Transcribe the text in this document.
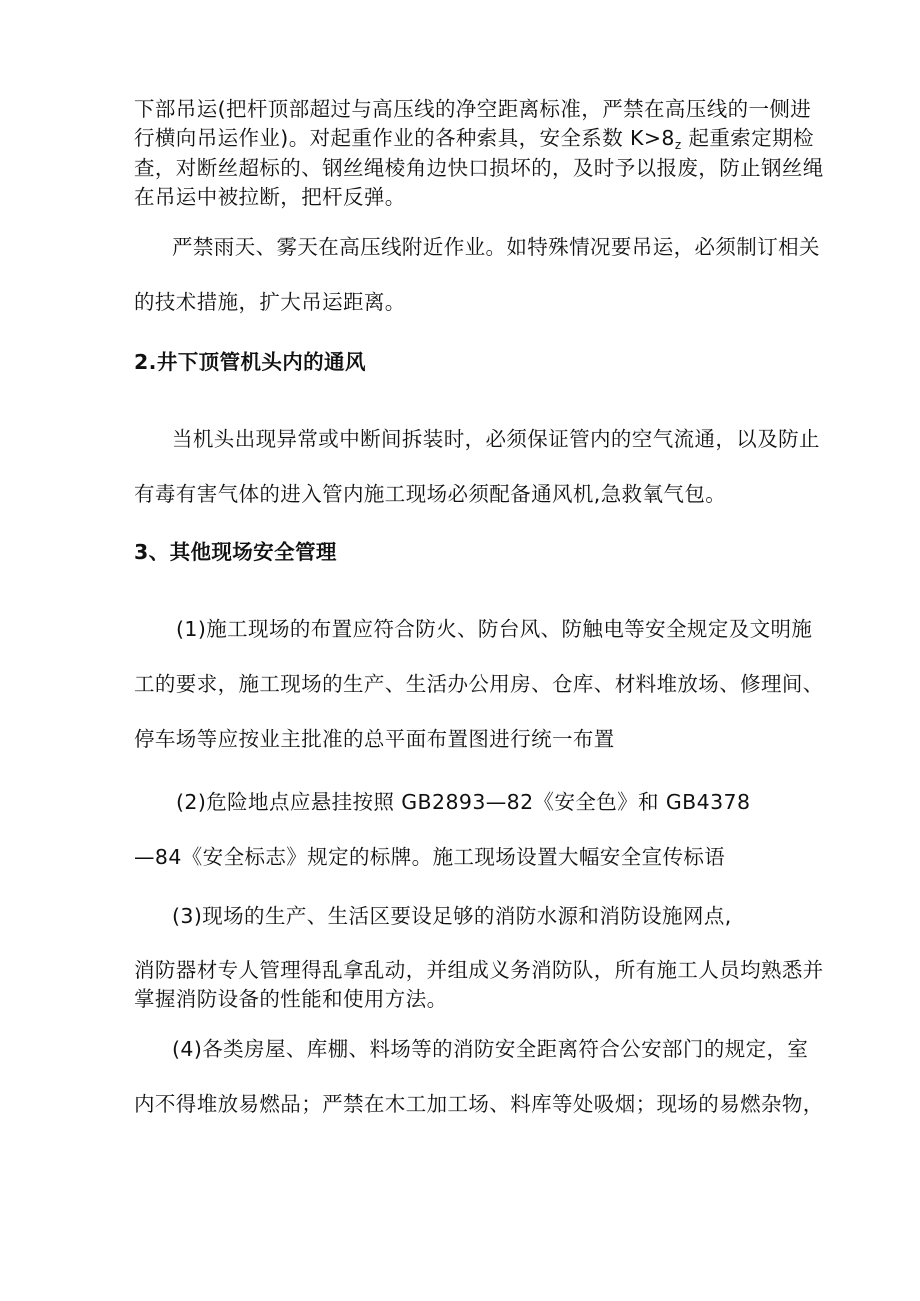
下部吊运(把杆顶部超过与高压线的净空距离标准，严禁在高压线的一侧进
行横向吊运作业)。对起重作业的各种索具，安全系数 $K>8_z$ 起重索定期检
查，对断丝超标的、钢丝绳棱角边快口损坏的，及时予以报废，防止钢丝绳
在吊运中被拉断，把杆反弹。
严禁雨天、雾天在高压线附近作业。如特殊情况要吊运，必须制订相关
的技术措施，扩大吊运距离。
2.井下顶管机头内的通风
当机头出现异常或中断间拆装时，必须保证管内的空气流通，以及防止
有毒有害气体的进入管内施工现场必须配备通风机,急救氧气包。
3、其他现场安全管理
(1)施工现场的布置应符合防火、防台风、防触电等安全规定及文明施
工的要求，施工现场的生产、生活办公用房、仓库、材料堆放场、修理间、
停车场等应按业主批准的总平面布置图进行统一布置
(2)危险地点应悬挂按照 GB2893—82《安全色》和 GB4378
—84《安全标志》规定的标牌。施工现场设置大幅安全宣传标语
(3)现场的生产、生活区要设足够的消防水源和消防设施网点,
消防器材专人管理得乱拿乱动，并组成义务消防队，所有施工人员均熟悉并
掌握消防设备的性能和使用方法。
(4)各类房屋、库棚、料场等的消防安全距离符合公安部门的规定，室
内不得堆放易燃品；严禁在木工加工场、料库等处吸烟；现场的易燃杂物，
